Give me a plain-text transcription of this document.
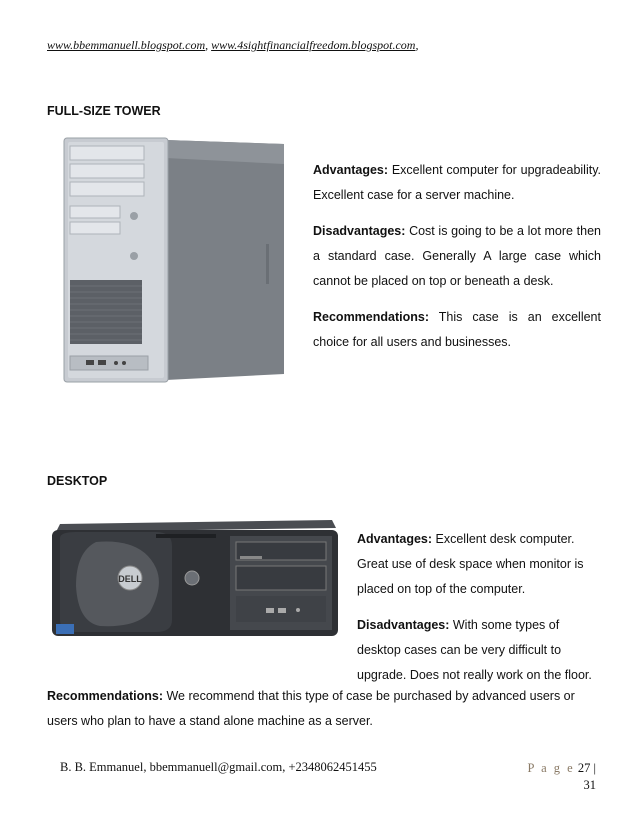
www.bbemmanuell.blogspot.com, www.4sightfinancialfreedom.blogspot.com,
FULL-SIZE TOWER

Advantages: Excellent computer for upgradeability. Excellent case for a server machine.

Disadvantages: Cost is going to be a lot more then a standard case. Generally A large case which cannot be placed on top or beneath a desk.

Recommendations: This case is an excellent choice for all users and businesses.

DESKTOP
DELL

Advantages: Excellent desk computer. Great use of desk space when monitor is placed on top of the computer.

Disadvantages: With some types of desktop cases can be very difficult to upgrade. Does not really work on the floor.

Recommendations: We recommend that this type of case be purchased by advanced users or users who plan to have a stand alone machine as a server.

B. B. Emmanuel, bbemmanuell@gmail.com, +2348062451455	P a g e 27 |
31
